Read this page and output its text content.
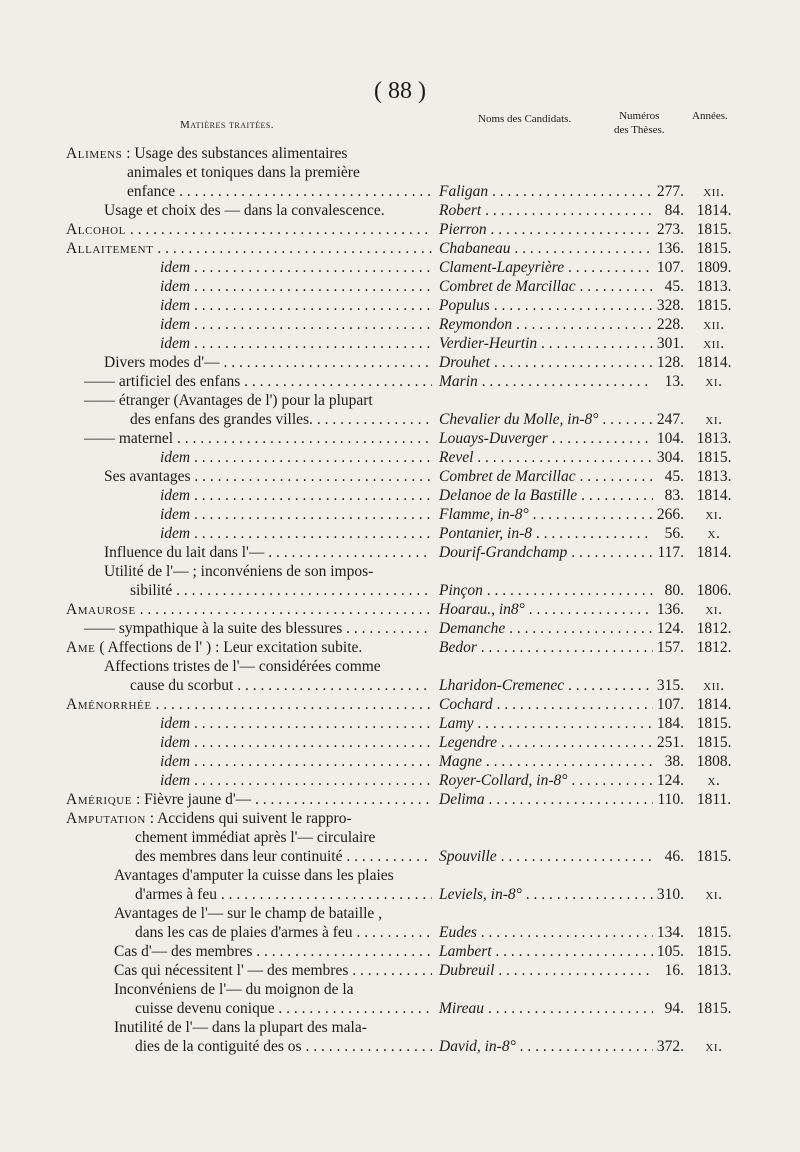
( 88 )
Matières traitées.	Noms des Candidats.	Numéros
des Thèses.
Années.
Alimens : Usage des substances alimentaires
animales et toniques dans la première
enfance . . .	Faligan . . .	277.	xii.
Usage et choix des — dans la convalescence.	Robert . . .	84. 1814.
Alcohol . . .	Pierron . . .	273. 1815.
Allaitement . . .	Chabaneau . . .	136. 1815.
idem . . .	Clament-Lapeyrière . . .	107. 1809.
idem . . .	Combret de Marcillac . . .	45. 1813.
idem . . .	Populus . . .	328. 1815.
idem . . .	Reymondon . . .	228.	xii.
idem . . .	Verdier-Heurtin . . .	301.	xii.
Divers modes d'— . . .	Drouhet . . .	128. 1814.
—— artificiel des enfans . . .	Marin . . .	13.	xi.
—— étranger (Avantages de l') pour la plupart
des enfans des grandes villes. . . .	Chevalier du Molle, in-8° . . .	247.	xi.
—— maternel . . .	Louays-Duverger . . .	104. 1813.
idem . . .	Revel . . .	304. 1815.
Ses avantages . . .	Combret de Marcillac . . .	45. 1813.
idem . . .	Delanoe de la Bastille . . .	83. 1814.
idem . . .	Flamme, in-8° . . .	266.	xi.
idem . . .	Pontanier, in-8 . . .	56.	x.
Influence du lait dans l'— . . .	Dourif-Grandchamp . . .	117. 1814.
Utilité de l'— ; inconvéniens de son impos-
sibilité . . .	Pinçon . . .	80. 1806.
Amaurose . . .	Hoarau., in8° . . .	136.	xi.
—— sympathique à la suite des blessures . . .	Demanche . . .	124. 1812.
Ame ( Affections de l' ) : Leur excitation subite.	Bedor . . .	157. 1812.
Affections tristes de l'— considérées comme
cause du scorbut . . .	Lharidon-Cremenec . . .	315.	xii.
Aménorrhée . . .	Cochard . . .	107. 1814.
idem . . .	Lamy . . .	184. 1815.
idem . . .	Legendre . . .	251. 1815.
idem . . .	Magne . . .	38. 1808.
idem . . .	Royer-Collard, in-8° . . .	124.	x.
Amérique : Fièvre jaune d'— . . .	Delima . . .	110. 1811.
Amputation : Accidens qui suivent le rappro-
chement immédiat après l'— circulaire
des membres dans leur continuité . . .	Spouville . . .	46. 1815.
Avantages d'amputer la cuisse dans les plaies
d'armes à feu . . .	Leviels, in-8° . . .	310.	xi.
Avantages de l'— sur le champ de bataille ,
dans les cas de plaies d'armes à feu . . .	Eudes . . .	134. 1815.
Cas d'— des membres . . .	Lambert . . .	105. 1815.
Cas qui nécessitent l' — des membres . . .	Dubreuil . . .	16. 1813.
Inconvéniens de l'— du moignon de la
cuisse devenu conique . . .	Mireau . . .	94. 1815.
Inutilité de l'— dans la plupart des mala-
dies de la contiguité des os . . .	David, in-8° . . .	372.	xi.
